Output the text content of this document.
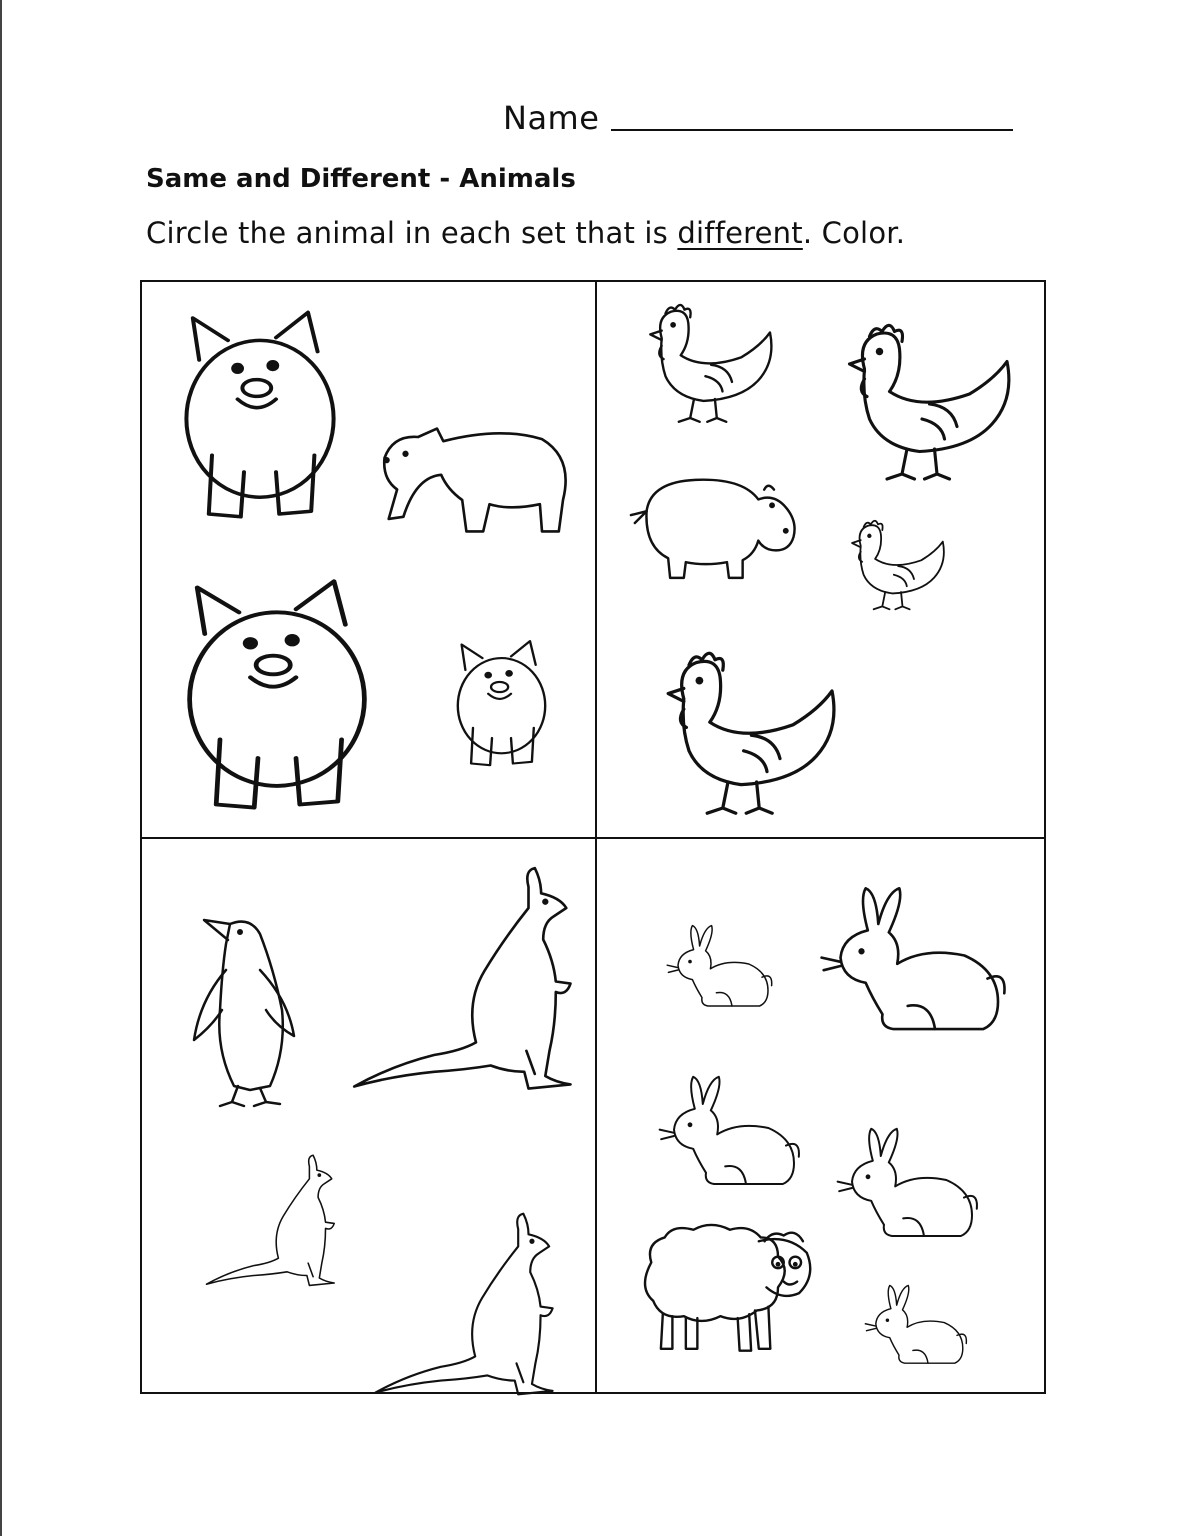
Name
Same and Different - Animals
Circle the animal in each set that is different. Color.
